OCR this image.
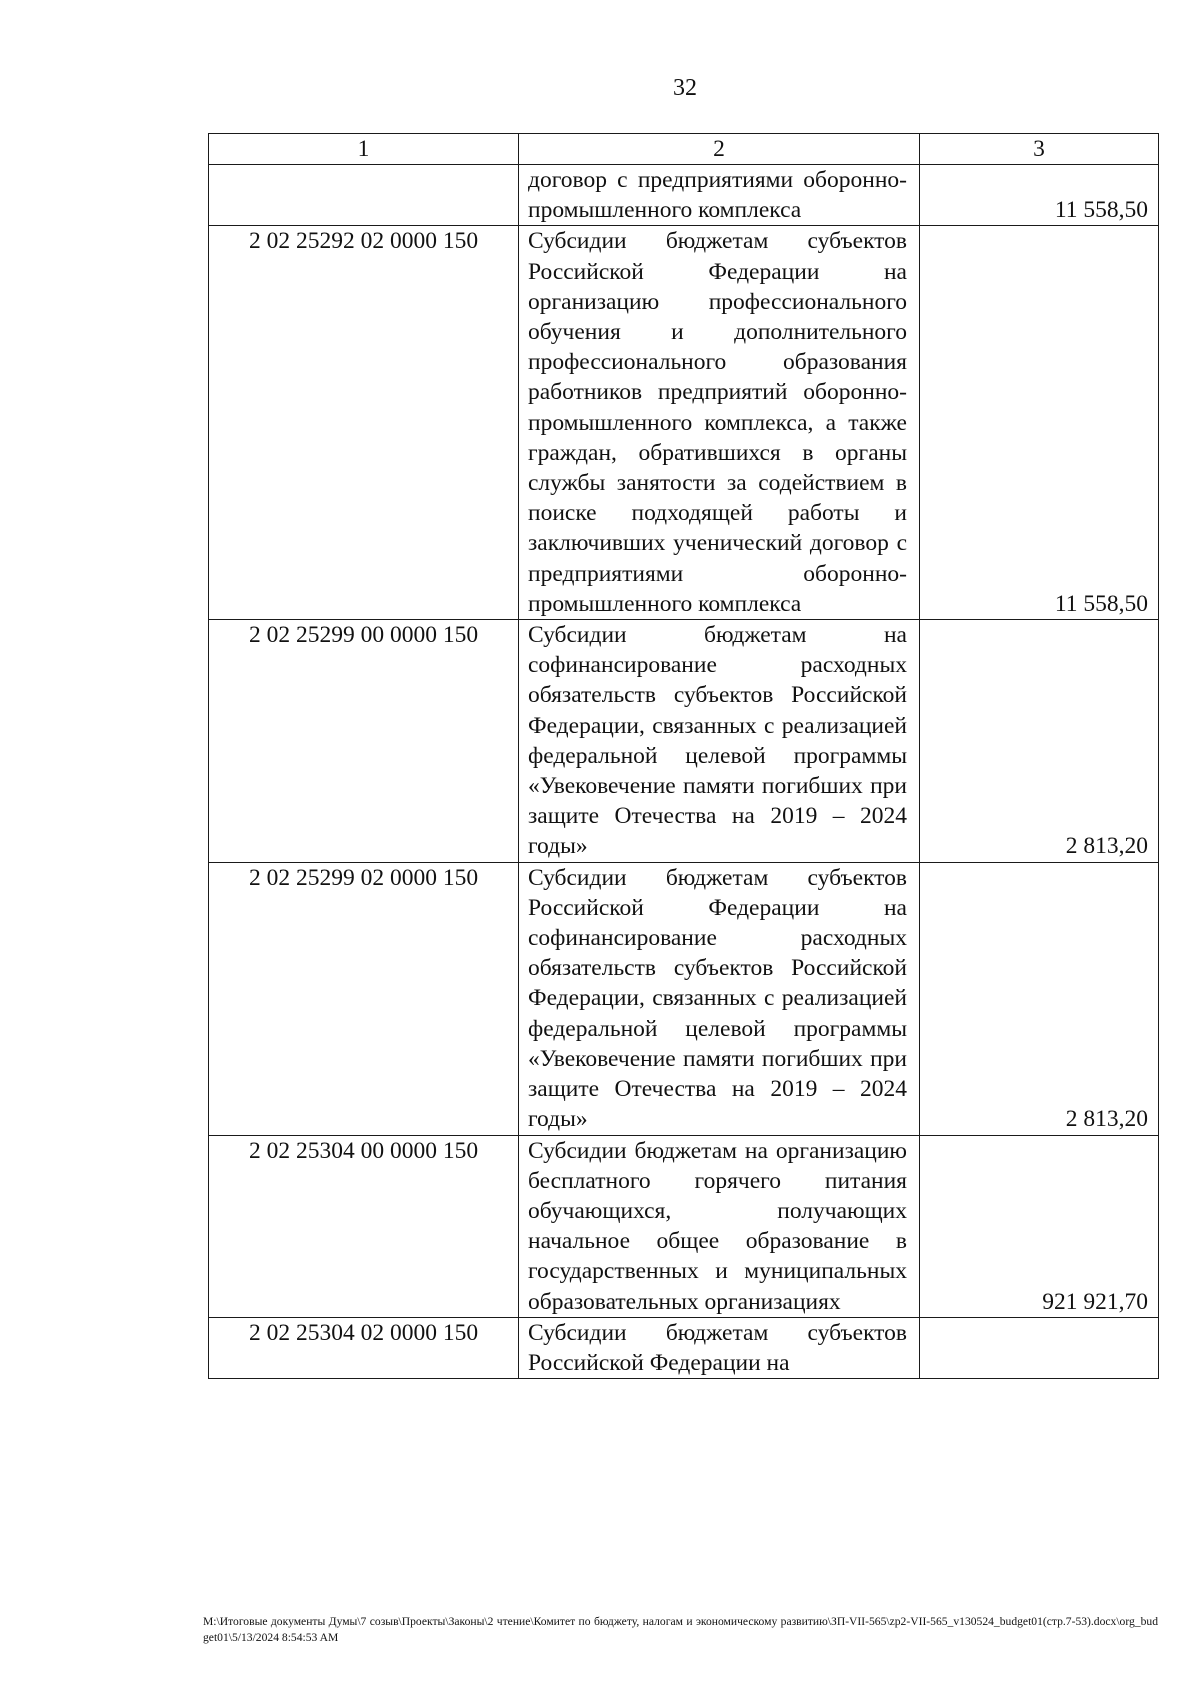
32
1	2	3
	договор с предприятиями оборонно-промышленного комплекса	11 558,50
2 02 25292 02 0000 150	Субсидии бюджетам субъектов Российской Федерации на организацию профессионального обучения и дополнительного профессионального образования работников предприятий оборонно-промышленного комплекса, а также граждан, обратившихся в органы службы занятости за содействием в поиске подходящей работы и заключивших ученический договор с предприятиями оборонно-промышленного комплекса	11 558,50
2 02 25299 00 0000 150	Субсидии бюджетам на софинансирование расходных обязательств субъектов Российской Федерации, связанных с реализацией федеральной целевой программы «Увековечение памяти погибших при защите Отечества на 2019 – 2024 годы»	2 813,20
2 02 25299 02 0000 150	Субсидии бюджетам субъектов Российской Федерации на софинансирование расходных обязательств субъектов Российской Федерации, связанных с реализацией федеральной целевой программы «Увековечение памяти погибших при защите Отечества на 2019 – 2024 годы»	2 813,20
2 02 25304 00 0000 150	Субсидии бюджетам на организацию бесплатного горячего питания обучающихся, получающих начальное общее образование в государственных и муниципальных образовательных организациях	921 921,70
2 02 25304 02 0000 150	Субсидии бюджетам субъектов Российской Федерации на	
M:\Итоговые документы Думы\7 созыв\Проекты\Законы\2 чтение\Комитет по бюджету, налогам и экономическому развитию\ЗП-VII-565\zp2-VII-565_v130524_budget01(стр.7-53).docx\org_budget01\5/13/2024 8:54:53 AM
